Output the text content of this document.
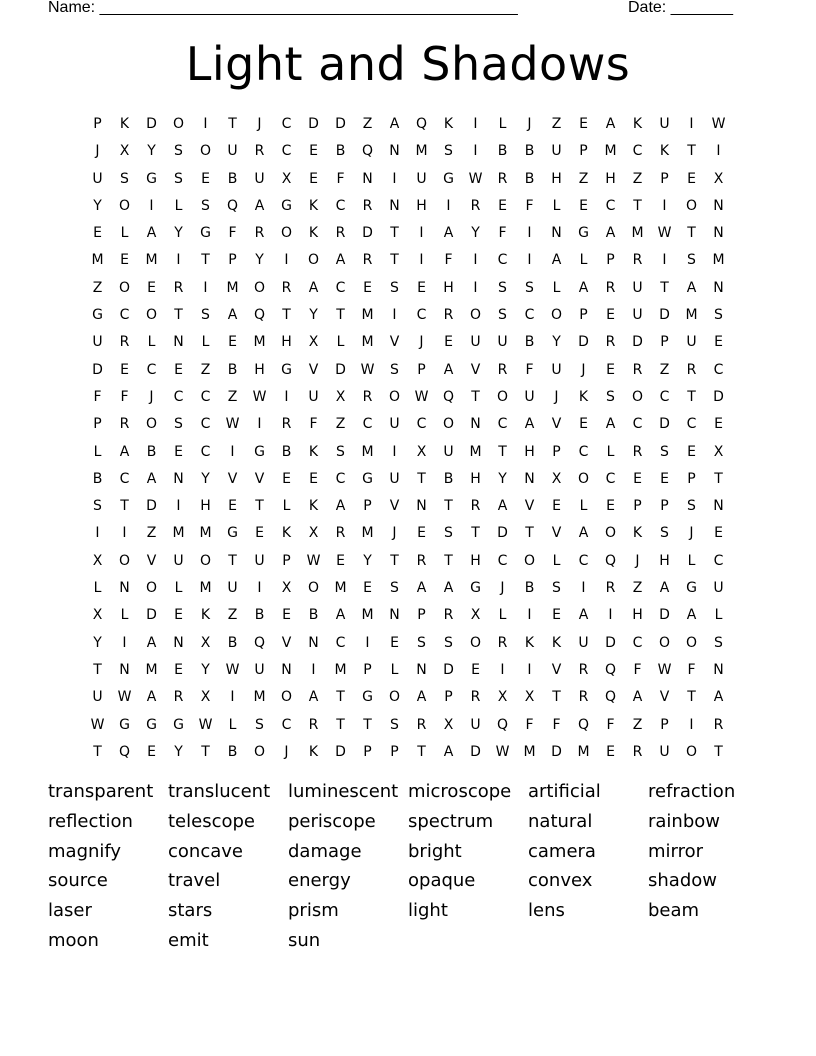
Name: _______________________________________________	Date: _______
Light and Shadows
P	K	D	O	I	T	J	C	D	D	Z	A	Q	K	I	L	J	Z	E	A	K	U	I	W
J	X	Y	S	O	U	R	C	E	B	Q	N	M	S	I	B	B	U	P	M	C	K	T	I
U	S	G	S	E	B	U	X	E	F	N	I	U	G	W	R	B	H	Z	H	Z	P	E	X
Y	O	I	L	S	Q	A	G	K	C	R	N	H	I	R	E	F	L	E	C	T	I	O	N
E	L	A	Y	G	F	R	O	K	R	D	T	I	A	Y	F	I	N	G	A	M	W	T	N
M	E	M	I	T	P	Y	I	O	A	R	T	I	F	I	C	I	A	L	P	R	I	S	M
Z	O	E	R	I	M	O	R	A	C	E	S	E	H	I	S	S	L	A	R	U	T	A	N
G	C	O	T	S	A	Q	T	Y	T	M	I	C	R	O	S	C	O	P	E	U	D	M	S
U	R	L	N	L	E	M	H	X	L	M	V	J	E	U	U	B	Y	D	R	D	P	U	E
D	E	C	E	Z	B	H	G	V	D	W	S	P	A	V	R	F	U	J	E	R	Z	R	C
F	F	J	C	C	Z	W	I	U	X	R	O	W	Q	T	O	U	J	K	S	O	C	T	D
P	R	O	S	C	W	I	R	F	Z	C	U	C	O	N	C	A	V	E	A	C	D	C	E
L	A	B	E	C	I	G	B	K	S	M	I	X	U	M	T	H	P	C	L	R	S	E	X
B	C	A	N	Y	V	V	E	E	C	G	U	T	B	H	Y	N	X	O	C	E	E	P	T
S	T	D	I	H	E	T	L	K	A	P	V	N	T	R	A	V	E	L	E	P	P	S	N
I	I	Z	M	M	G	E	K	X	R	M	J	E	S	T	D	T	V	A	O	K	S	J	E
X	O	V	U	O	T	U	P	W	E	Y	T	R	T	H	C	O	L	C	Q	J	H	L	C
L	N	O	L	M	U	I	X	O	M	E	S	A	A	G	J	B	S	I	R	Z	A	G	U
X	L	D	E	K	Z	B	E	B	A	M	N	P	R	X	L	I	E	A	I	H	D	A	L
Y	I	A	N	X	B	Q	V	N	C	I	E	S	S	O	R	K	K	U	D	C	O	O	S
T	N	M	E	Y	W	U	N	I	M	P	L	N	D	E	I	I	V	R	Q	F	W	F	N
U	W	A	R	X	I	M	O	A	T	G	O	A	P	R	X	X	T	R	Q	A	V	T	A
W	G	G	G	W	L	S	C	R	T	T	S	R	X	U	Q	F	F	Q	F	Z	P	I	R
T	Q	E	Y	T	B	O	J	K	D	P	P	T	A	D	W	M	D	M	E	R	U	O	T
transparent translucent luminescent microscope artificial	refraction
reflection	telescope	periscope	spectrum	natural	rainbow
magnify	concave	damage	bright	camera	mirror
source	travel	energy	opaque	convex	shadow
laser	stars	prism	light	lens	beam
moon	emit	sun
